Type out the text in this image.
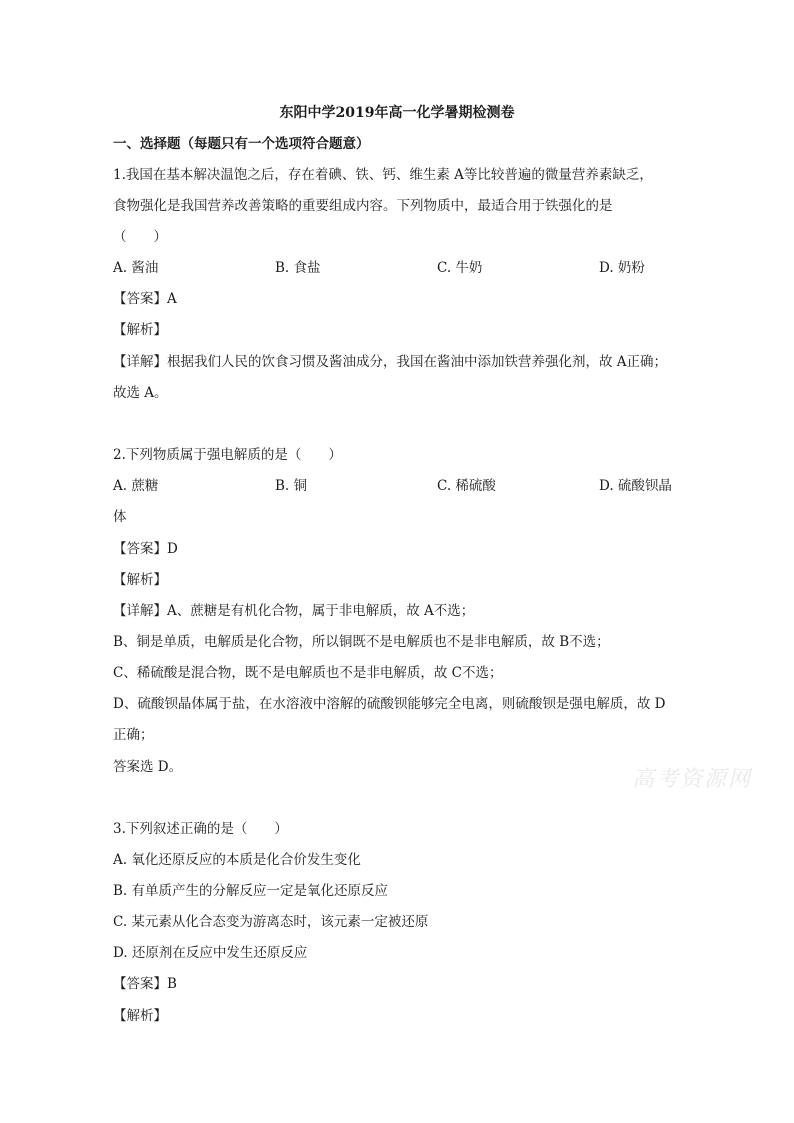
东阳中学2019年高一化学暑期检测卷
一、选择题（每题只有一个选项符合题意）
1.我国在基本解决温饱之后，存在着碘、铁、钙、维生素 A等比较普遍的微量营养素缺乏，
食物强化是我国营养改善策略的重要组成内容。下列物质中，最适合用于铁强化的是
（　　）
A. 酱油	B. 食盐	C. 牛奶	D. 奶粉
【答案】A
【解析】
【详解】根据我们人民的饮食习惯及酱油成分，我国在酱油中添加铁营养强化剂，故 A正确；
故选 A。
2.下列物质属于强电解质的是（　　）
A. 蔗糖	B. 铜	C. 稀硫酸	D. 硫酸钡晶
体
【答案】D
【解析】
【详解】A、蔗糖是有机化合物，属于非电解质，故 A不选；
B、铜是单质，电解质是化合物，所以铜既不是电解质也不是非电解质，故 B不选；
C、稀硫酸是混合物，既不是电解质也不是非电解质，故 C不选；
D、硫酸钡晶体属于盐，在水溶液中溶解的硫酸钡能够完全电离，则硫酸钡是强电解质，故 D
正确；
答案选 D。	高考资源网
3.下列叙述正确的是（　　）
A. 氧化还原反应的本质是化合价发生变化
B. 有单质产生的分解反应一定是氧化还原反应
C. 某元素从化合态变为游离态时，该元素一定被还原
D. 还原剂在反应中发生还原反应
【答案】B
【解析】
